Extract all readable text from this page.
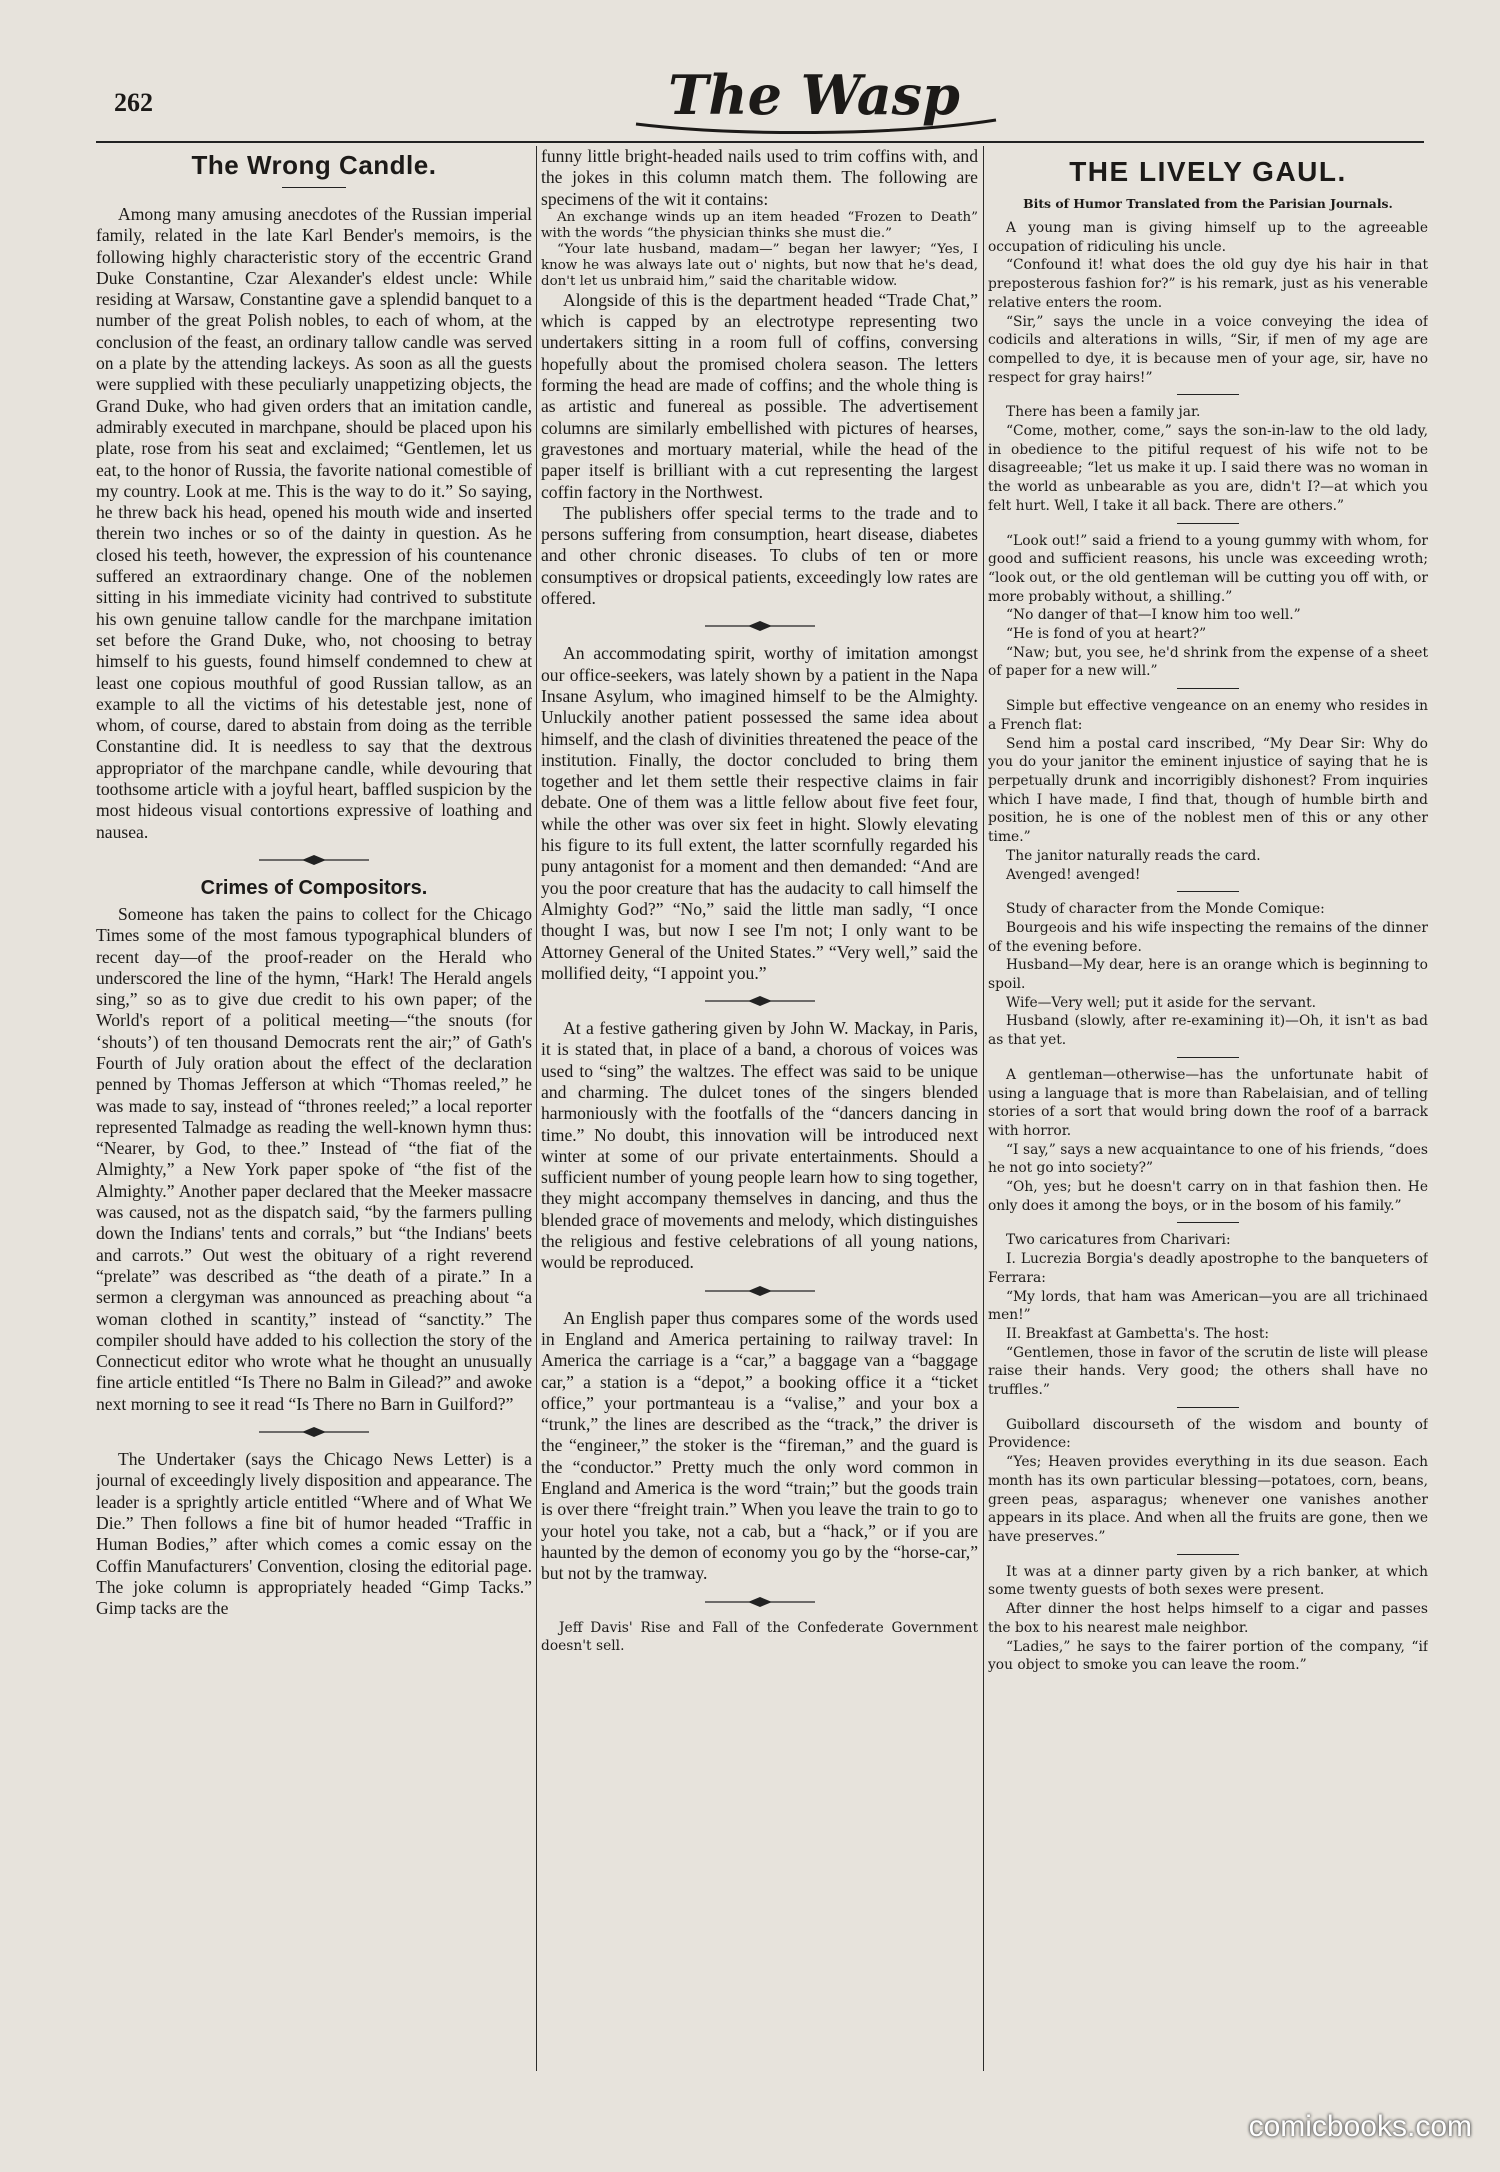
262	The Wasp
The Wrong Candle.

Among many amusing anecdotes of the Russian imperial family, related in the late Karl Bender's memoirs, is the following highly characteristic story of the eccentric Grand Duke Constantine, Czar Alexander's eldest uncle: While residing at Warsaw, Constantine gave a splendid banquet to a number of the great Polish nobles, to each of whom, at the conclusion of the feast, an ordinary tallow candle was served on a plate by the attending lackeys. As soon as all the guests were supplied with these peculiarly unappetizing objects, the Grand Duke, who had given orders that an imitation candle, admirably executed in marchpane, should be placed upon his plate, rose from his seat and exclaimed; “Gentlemen, let us eat, to the honor of Russia, the favorite national comestible of my country. Look at me. This is the way to do it.” So saying, he threw back his head, opened his mouth wide and inserted therein two inches or so of the dainty in question. As he closed his teeth, however, the expression of his countenance suffered an extraordinary change. One of the noblemen sitting in his immediate vicinity had contrived to substitute his own genuine tallow candle for the marchpane imitation set before the Grand Duke, who, not choosing to betray himself to his guests, found himself condemned to chew at least one copious mouthful of good Russian tallow, as an example to all the victims of his detestable jest, none of whom, of course, dared to abstain from doing as the terrible Constantine did. It is needless to say that the dextrous appropriator of the marchpane candle, while devouring that toothsome article with a joyful heart, baffled suspicion by the most hideous visual contortions expressive of loathing and nausea.

Crimes of Compositors.

Someone has taken the pains to collect for the Chicago Times some of the most famous typographical blunders of recent day—of the proof-reader on the Herald who underscored the line of the hymn, “Hark! The Herald angels sing,” so as to give due credit to his own paper; of the World's report of a political meeting—“the snouts (for ‘shouts’) of ten thousand Democrats rent the air;” of Gath's Fourth of July oration about the effect of the declaration penned by Thomas Jefferson at which “Thomas reeled,” he was made to say, instead of “thrones reeled;” a local reporter represented Talmadge as reading the well-known hymn thus: “Nearer, by God, to thee.” Instead of “the fiat of the Almighty,” a New York paper spoke of “the fist of the Almighty.” Another paper declared that the Meeker massacre was caused, not as the dispatch said, “by the farmers pulling down the Indians' tents and corrals,” but “the Indians' beets and carrots.” Out west the obituary of a right reverend “prelate” was described as “the death of a pirate.” In a sermon a clergyman was announced as preaching about “a woman clothed in scantity,” instead of “sanctity.” The compiler should have added to his collection the story of the Connecticut editor who wrote what he thought an unusually fine article entitled “Is There no Balm in Gilead?” and awoke next morning to see it read “Is There no Barn in Guilford?”

The Undertaker (says the Chicago News Letter) is a journal of exceedingly lively disposition and appearance. The leader is a sprightly article entitled “Where and of What We Die.” Then follows a fine bit of humor headed “Traffic in Human Bodies,” after which comes a comic essay on the Coffin Manufacturers' Convention, closing the editorial page. The joke column is appropriately headed “Gimp Tacks.” Gimp tacks are the

funny little bright-headed nails used to trim coffins with, and the jokes in this column match them. The following are specimens of the wit it contains:

An exchange winds up an item headed “Frozen to Death” with the words “the physician thinks she must die.”

“Your late husband, madam—” began her lawyer; “Yes, I know he was always late out o' nights, but now that he's dead, don't let us unbraid him,” said the charitable widow.

Alongside of this is the department headed “Trade Chat,” which is capped by an electrotype representing two undertakers sitting in a room full of coffins, conversing hopefully about the promised cholera season. The letters forming the head are made of coffins; and the whole thing is as artistic and funereal as possible. The advertisement columns are similarly embellished with pictures of hearses, gravestones and mortuary material, while the head of the paper itself is brilliant with a cut representing the largest coffin factory in the Northwest.

The publishers offer special terms to the trade and to persons suffering from consumption, heart disease, diabetes and other chronic diseases. To clubs of ten or more consumptives or dropsical patients, exceedingly low rates are offered.

An accommodating spirit, worthy of imitation amongst our office-seekers, was lately shown by a patient in the Napa Insane Asylum, who imagined himself to be the Almighty. Unluckily another patient possessed the same idea about himself, and the clash of divinities threatened the peace of the institution. Finally, the doctor concluded to bring them together and let them settle their respective claims in fair debate. One of them was a little fellow about five feet four, while the other was over six feet in hight. Slowly elevating his figure to its full extent, the latter scornfully regarded his puny antagonist for a moment and then demanded: “And are you the poor creature that has the audacity to call himself the Almighty God?” “No,” said the little man sadly, “I once thought I was, but now I see I'm not; I only want to be Attorney General of the United States.” “Very well,” said the mollified deity, “I appoint you.”

At a festive gathering given by John W. Mackay, in Paris, it is stated that, in place of a band, a chorous of voices was used to “sing” the waltzes. The effect was said to be unique and charming. The dulcet tones of the singers blended harmoniously with the footfalls of the “dancers dancing in time.” No doubt, this innovation will be introduced next winter at some of our private entertainments. Should a sufficient number of young people learn how to sing together, they might accompany themselves in dancing, and thus the blended grace of movements and melody, which distinguishes the religious and festive celebrations of all young nations, would be reproduced.

An English paper thus compares some of the words used in England and America pertaining to railway travel: In America the carriage is a “car,” a baggage van a “baggage car,” a station is a “depot,” a booking office it a “ticket office,” your portmanteau is a “valise,” and your box a “trunk,” the lines are described as the “track,” the driver is the “engineer,” the stoker is the “fireman,” and the guard is the “conductor.” Pretty much the only word common in England and America is the word “train;” but the goods train is over there “freight train.” When you leave the train to go to your hotel you take, not a cab, but a “hack,” or if you are haunted by the demon of economy you go by the “horse-car,” but not by the tramway.

Jeff Davis' Rise and Fall of the Confederate Government doesn't sell.

THE LIVELY GAUL.
Bits of Humor Translated from the Parisian Journals.

A young man is giving himself up to the agreeable occupation of ridiculing his uncle.

“Confound it! what does the old guy dye his hair in that preposterous fashion for?” is his remark, just as his venerable relative enters the room.

“Sir,” says the uncle in a voice conveying the idea of codicils and alterations in wills, “Sir, if men of my age are compelled to dye, it is because men of your age, sir, have no respect for gray hairs!”

There has been a family jar.

“Come, mother, come,” says the son-in-law to the old lady, in obedience to the pitiful request of his wife not to be disagreeable; “let us make it up. I said there was no woman in the world as unbearable as you are, didn't I?—at which you felt hurt. Well, I take it all back. There are others.”

“Look out!” said a friend to a young gummy with whom, for good and sufficient reasons, his uncle was exceeding wroth; “look out, or the old gentleman will be cutting you off with, or more probably without, a shilling.”

“No danger of that—I know him too well.”

“He is fond of you at heart?”

“Naw; but, you see, he'd shrink from the expense of a sheet of paper for a new will.”

Simple but effective vengeance on an enemy who resides in a French flat:

Send him a postal card inscribed, “My Dear Sir: Why do you do your janitor the eminent injustice of saying that he is perpetually drunk and incorrigibly dishonest? From inquiries which I have made, I find that, though of humble birth and position, he is one of the noblest men of this or any other time.”

The janitor naturally reads the card.

Avenged! avenged!

Study of character from the Monde Comique:

Bourgeois and his wife inspecting the remains of the dinner of the evening before.

Husband—My dear, here is an orange which is beginning to spoil.

Wife—Very well; put it aside for the servant.

Husband (slowly, after re-examining it)—Oh, it isn't as bad as that yet.

A gentleman—otherwise—has the unfortunate habit of using a language that is more than Rabelaisian, and of telling stories of a sort that would bring down the roof of a barrack with horror.

“I say,” says a new acquaintance to one of his friends, “does he not go into society?”

“Oh, yes; but he doesn't carry on in that fashion then. He only does it among the boys, or in the bosom of his family.”

Two caricatures from Charivari:

I. Lucrezia Borgia's deadly apostrophe to the banqueters of Ferrara:

“My lords, that ham was American—you are all trichinaed men!”

II. Breakfast at Gambetta's. The host:

“Gentlemen, those in favor of the scrutin de liste will please raise their hands. Very good; the others shall have no truffles.”

Guibollard discourseth of the wisdom and bounty of Providence:

“Yes; Heaven provides everything in its due season. Each month has its own particular blessing—potatoes, corn, beans, green peas, asparagus; whenever one vanishes another appears in its place. And when all the fruits are gone, then we have preserves.”

It was at a dinner party given by a rich banker, at which some twenty guests of both sexes were present.

After dinner the host helps himself to a cigar and passes the box to his nearest male neighbor.

“Ladies,” he says to the fairer portion of the company, “if you object to smoke you can leave the room.”

comicbooks.com
